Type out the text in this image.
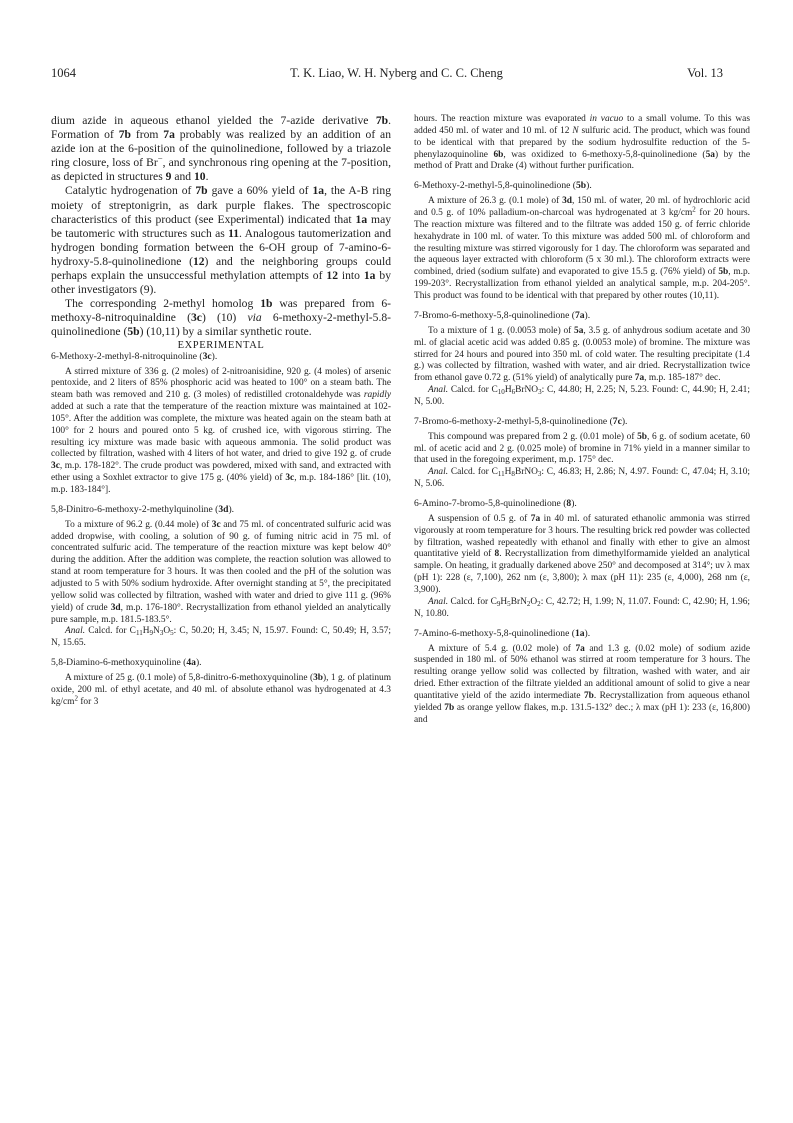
1064	T. K. Liao, W. H. Nyberg and C. C. Cheng	Vol. 13

dium azide in aqueous ethanol yielded the 7-azide derivative 7b. Formation of 7b from 7a probably was realized by an addition of an azide ion at the 6-position of the quinolinedione, followed by a triazole ring closure, loss of Br−, and synchronous ring opening at the 7-position, as depicted in structures 9 and 10.

Catalytic hydrogenation of 7b gave a 60% yield of 1a, the A-B ring moiety of streptonigrin, as dark purple flakes. The spectroscopic characteristics of this product (see Experimental) indicated that 1a may be tautomeric with structures such as 11. Analogous tautomerization and hydrogen bonding formation between the 6-OH group of 7-amino-6-hydroxy-5.8-quinolinedione (12) and the neighboring groups could perhaps explain the unsuccessful methylation attempts of 12 into 1a by other investigators (9).

The corresponding 2-methyl homolog 1b was prepared from 6-methoxy-8-nitroquinaldine (3c) (10) via 6-methoxy-2-methyl-5.8-quinolinedione (5b) (10,11) by a similar synthetic route.

EXPERIMENTAL

6-Methoxy-2-methyl-8-nitroquinoline (3c).

A stirred mixture of 336 g. (2 moles) of 2-nitroanisidine, 920 g. (4 moles) of arsenic pentoxide, and 2 liters of 85% phosphoric acid was heated to 100° on a steam bath. The steam bath was removed and 210 g. (3 moles) of redistilled crotonaldehyde was rapidly added at such a rate that the temperature of the reaction mixture was maintained at 102-105°. After the addition was complete, the mixture was heated again on the steam bath at 100° for 2 hours and poured onto 5 kg. of crushed ice, with vigorous stirring. The resulting icy mixture was made basic with aqueous ammonia. The solid product was collected by filtration, washed with 4 liters of hot water, and dried to give 192 g. of crude 3c, m.p. 178-182°. The crude product was powdered, mixed with sand, and extracted with ether using a Soxhlet extractor to give 175 g. (40% yield) of 3c, m.p. 184-186° [lit. (10), m.p. 183-184°].

5,8-Dinitro-6-methoxy-2-methylquinoline (3d).

To a mixture of 96.2 g. (0.44 mole) of 3c and 75 ml. of concentrated sulfuric acid was added dropwise, with cooling, a solution of 90 g. of fuming nitric acid in 75 ml. of concentrated sulfuric acid. The temperature of the reaction mixture was kept below 40° during the addition. After the addition was complete, the reaction solution was allowed to stand at room temperature for 3 hours. It was then cooled and the pH of the solution was adjusted to 5 with 50% sodium hydroxide. After overnight standing at 5°, the precipitated yellow solid was collected by filtration, washed with water and dried to give 111 g. (96% yield) of crude 3d, m.p. 176-180°. Recrystallization from ethanol yielded an analytically pure sample, m.p. 181.5-183.5°.

Anal. Calcd. for $C_{11}H_9N_3O_5$: C, 50.20; H, 3.45; N, 15.97. Found: C, 50.49; H, 3.57; N, 15.65.

5,8-Diamino-6-methoxyquinoline (4a).

A mixture of 25 g. (0.1 mole) of 5,8-dinitro-6-methoxyquinoline (3b), 1 g. of platinum oxide, 200 ml. of ethyl acetate, and 40 ml. of absolute ethanol was hydrogenated at 4.3 $kg/cm^2$ for 3

hours. The reaction mixture was evaporated in vacuo to a small volume. To this was added 450 ml. of water and 10 ml. of 12 N sulfuric acid. The product, which was found to be identical with that prepared by the sodium hydrosulfite reduction of the 5-phenylazoquinoline 6b, was oxidized to 6-methoxy-5,8-quinolinedione (5a) by the method of Pratt and Drake (4) without further purification.

6-Methoxy-2-methyl-5,8-quinolinedione (5b).

A mixture of 26.3 g. (0.1 mole) of 3d, 150 ml. of water, 20 ml. of hydrochloric acid and 0.5 g. of 10% palladium-on-charcoal was hydrogenated at 3 $kg/cm^2$ for 20 hours. The reaction mixture was filtered and to the filtrate was added 150 g. of ferric chloride hexahydrate in 100 ml. of water. To this mixture was added 500 ml. of chloroform and the resulting mixture was stirred vigorously for 1 day. The chloroform was separated and the aqueous layer extracted with chloroform (5 x 30 ml.). The chloroform extracts were combined, dried (sodium sulfate) and evaporated to give 15.5 g. (76% yield) of 5b, m.p. 199-203°. Recrystallization from ethanol yielded an analytical sample, m.p. 204-205°. This product was found to be identical with that prepared by other routes (10,11).

7-Bromo-6-methoxy-5,8-quinolinedione (7a).

To a mixture of 1 g. (0.0053 mole) of 5a, 3.5 g. of anhydrous sodium acetate and 30 ml. of glacial acetic acid was added 0.85 g. (0.0053 mole) of bromine. The mixture was stirred for 24 hours and poured into 350 ml. of cold water. The resulting precipitate (1.4 g.) was collected by filtration, washed with water, and air dried. Recrystallization twice from ethanol gave 0.72 g. (51% yield) of analytically pure 7a, m.p. 185-187° dec.

Anal. Calcd. for $C_{10}H_6BrNO_3$: C, 44.80; H, 2.25; N, 5.23. Found: C, 44.90; H, 2.41; N, 5.00.

7-Bromo-6-methoxy-2-methyl-5,8-quinolinedione (7c).

This compound was prepared from 2 g. (0.01 mole) of 5b, 6 g. of sodium acetate, 60 ml. of acetic acid and 2 g. (0.025 mole) of bromine in 71% yield in a manner similar to that used in the foregoing experiment, m.p. 175° dec.

Anal. Calcd. for $C_{11}H_8BrNO_3$: C, 46.83; H, 2.86; N, 4.97. Found: C, 47.04; H, 3.10; N, 5.06.

6-Amino-7-bromo-5,8-quinolinedione (8).

A suspension of 0.5 g. of 7a in 40 ml. of saturated ethanolic ammonia was stirred vigorously at room temperature for 3 hours. The resulting brick red powder was collected by filtration, washed repeatedly with ethanol and finally with ether to give an almost quantitative yield of 8. Recrystallization from dimethylformamide yielded an analytical sample. On heating, it gradually darkened above 250° and decomposed at 314°; uv λ max (pH 1): 228 (ε, 7,100), 262 nm (ε, 3,800); λ max (pH 11): 235 (ε, 4,000), 268 nm (ε, 3,900).

Anal. Calcd. for $C_9H_5BrN_2O_2$: C, 42.72; H, 1.99; N, 11.07. Found: C, 42.90; H, 1.96; N, 10.80.

7-Amino-6-methoxy-5,8-quinolinedione (1a).

A mixture of 5.4 g. (0.02 mole) of 7a and 1.3 g. (0.02 mole) of sodium azide suspended in 180 ml. of 50% ethanol was stirred at room temperature for 3 hours. The resulting orange yellow solid was collected by filtration, washed with water, and air dried. Ether extraction of the filtrate yielded an additional amount of solid to give a near quantitative yield of the azido intermediate 7b. Recrystallization from aqueous ethanol yielded 7b as orange yellow flakes, m.p. 131.5-132° dec.; λ max (pH 1): 233 (ε, 16,800) and
